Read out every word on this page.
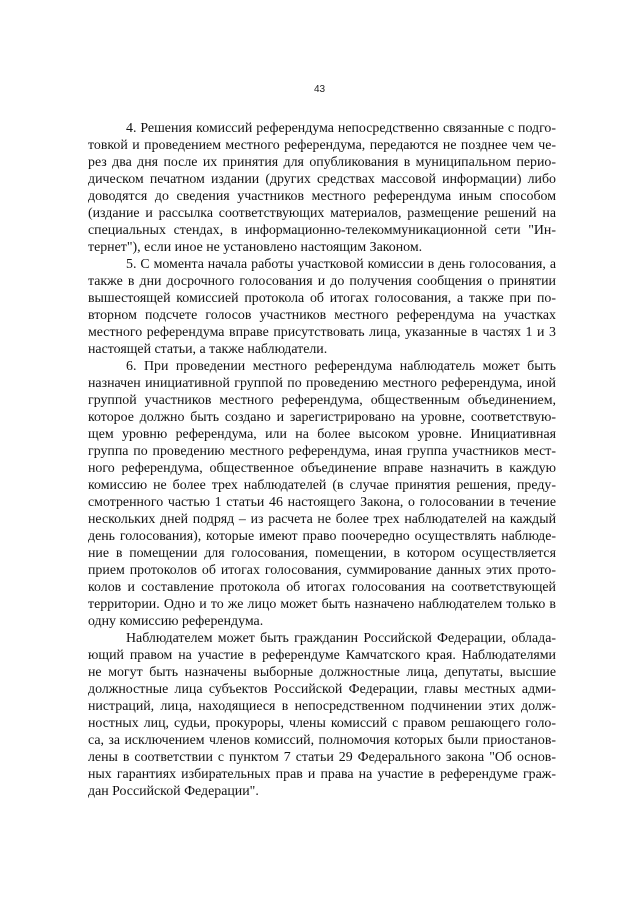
43
4. Решения комиссий референдума непосредственно связанные с подго-
товкой и проведением местного референдума, передаются не позднее чем че-
рез два дня после их принятия для опубликования в муниципальном перио-
дическом печатном издании (других средствах массовой информации) либо
доводятся до сведения участников местного референдума иным способом
(издание и рассылка соответствующих материалов, размещение решений на
специальных стендах, в информационно-телекоммуникационной сети "Ин-
тернет"), если иное не установлено настоящим Законом.
5. С момента начала работы участковой комиссии в день голосования, а
также в дни досрочного голосования и до получения сообщения о принятии
вышестоящей комиссией протокола об итогах голосования, а также при по-
вторном подсчете голосов участников местного референдума на участках
местного референдума вправе присутствовать лица, указанные в частях 1 и 3
настоящей статьи, а также наблюдатели.
6. При проведении местного референдума наблюдатель может быть
назначен инициативной группой по проведению местного референдума, иной
группой участников местного референдума, общественным объединением,
которое должно быть создано и зарегистрировано на уровне, соответствую-
щем уровню референдума, или на более высоком уровне. Инициативная
группа по проведению местного референдума, иная группа участников мест-
ного референдума, общественное объединение вправе назначить в каждую
комиссию не более трех наблюдателей (в случае принятия решения, преду-
смотренного частью 1 статьи 46 настоящего Закона, о голосовании в течение
нескольких дней подряд – из расчета не более трех наблюдателей на каждый
день голосования), которые имеют право поочередно осуществлять наблюде-
ние в помещении для голосования, помещении, в котором осуществляется
прием протоколов об итогах голосования, суммирование данных этих прото-
колов и составление протокола об итогах голосования на соответствующей
территории. Одно и то же лицо может быть назначено наблюдателем только в
одну комиссию референдума.
Наблюдателем может быть гражданин Российской Федерации, облада-
ющий правом на участие в референдуме Камчатского края. Наблюдателями
не могут быть назначены выборные должностные лица, депутаты, высшие
должностные лица субъектов Российской Федерации, главы местных адми-
нистраций, лица, находящиеся в непосредственном подчинении этих долж-
ностных лиц, судьи, прокуроры, члены комиссий с правом решающего голо-
са, за исключением членов комиссий, полномочия которых были приостанов-
лены в соответствии с пунктом 7 статьи 29 Федерального закона "Об основ-
ных гарантиях избирательных прав и права на участие в референдуме граж-
дан Российской Федерации".
